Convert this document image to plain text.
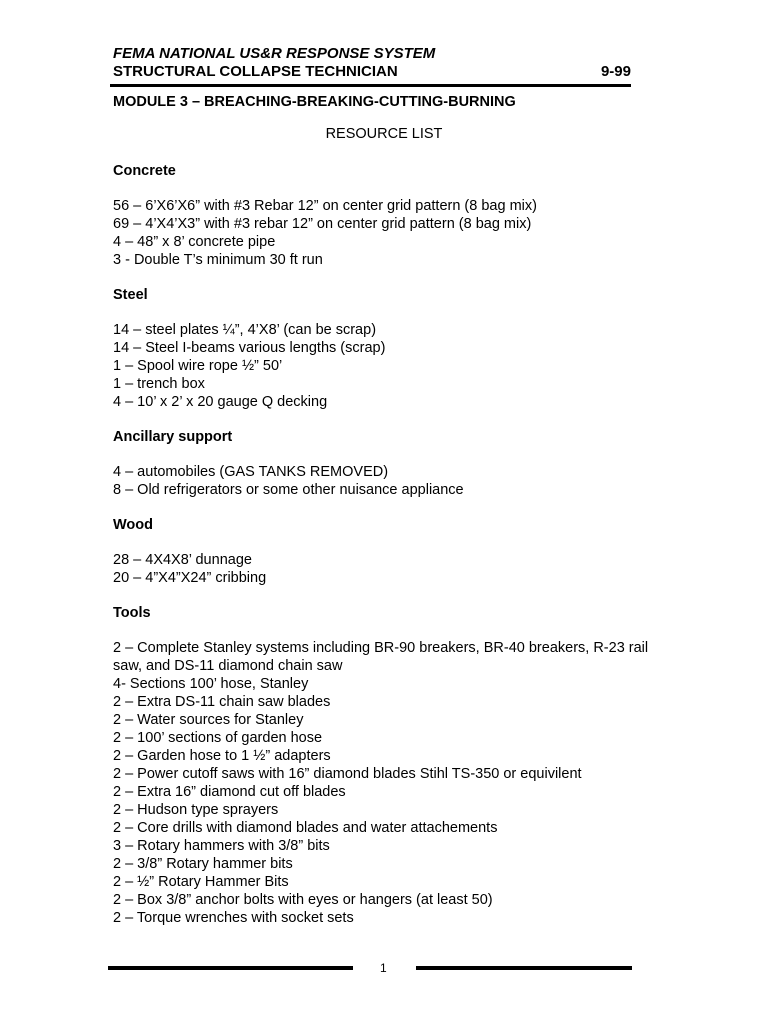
FEMA NATIONAL US&R RESPONSE SYSTEM
STRUCTURAL COLLAPSE TECHNICIAN	9-99
MODULE 3 – BREACHING-BREAKING-CUTTING-BURNING
RESOURCE LIST
Concrete
56 – 6’X6’X6” with #3 Rebar 12” on center grid pattern (8 bag mix)
69 – 4’X4’X3” with #3 rebar 12” on center grid pattern (8 bag mix)
4 – 48” x 8’ concrete pipe
3 - Double T’s minimum 30 ft run
Steel
14 – steel plates ¼”, 4’X8’ (can be scrap)
14 – Steel I-beams various lengths (scrap)
1 – Spool wire rope ½” 50’
1 – trench box
4 – 10’ x 2’ x 20 gauge Q decking
Ancillary support
4 – automobiles (GAS TANKS REMOVED)
8 – Old refrigerators or some other nuisance appliance
Wood
28 – 4X4X8’ dunnage
20 – 4”X4”X24” cribbing
Tools
2 – Complete Stanley systems including BR-90 breakers, BR-40 breakers, R-23 rail saw, and DS-11 diamond chain saw
4- Sections 100’ hose, Stanley
2 – Extra DS-11 chain saw blades
2 – Water sources for Stanley
2 – 100’ sections of garden hose
2 – Garden hose to 1 ½” adapters
2 – Power cutoff saws with 16” diamond blades Stihl TS-350 or equivilent
2 – Extra 16” diamond cut off blades
2 – Hudson type sprayers
2 – Core drills with diamond blades and water attachements
3 – Rotary hammers with 3/8” bits
2 – 3/8” Rotary hammer bits
2 – ½” Rotary Hammer Bits
2 – Box 3/8” anchor bolts with eyes or hangers (at least 50)
2 – Torque wrenches with socket sets
1
